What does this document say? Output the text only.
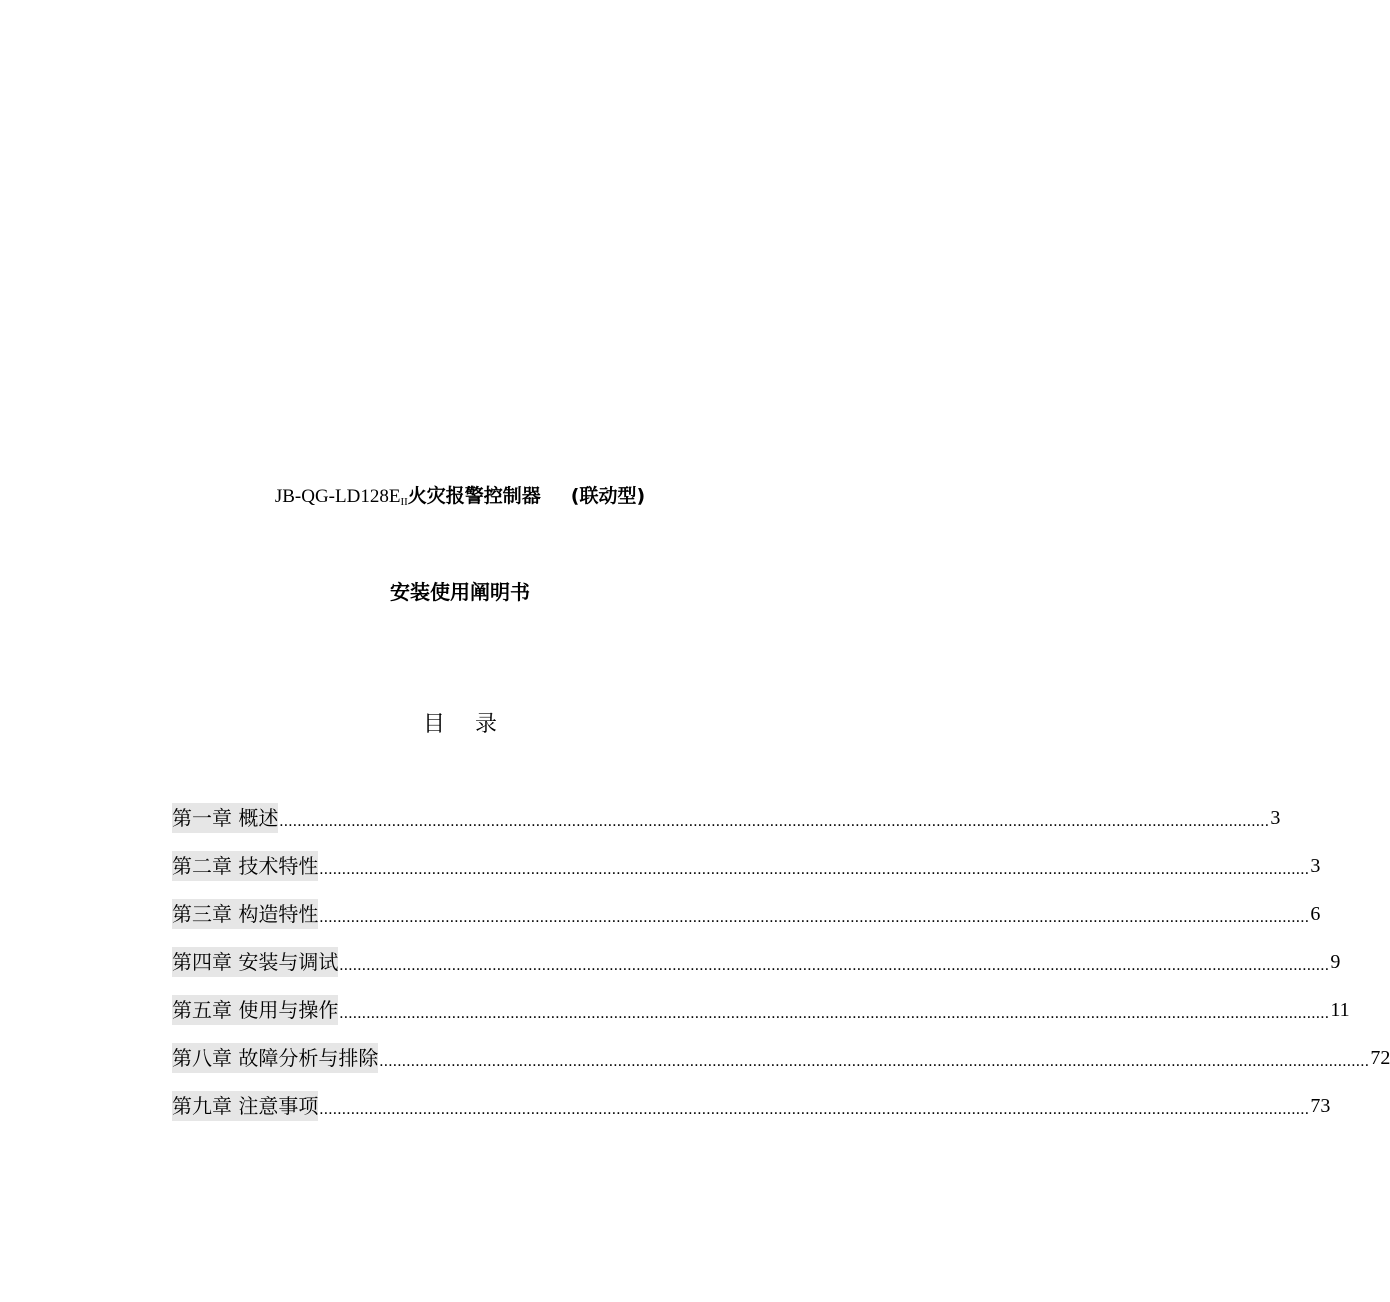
$JB-QG-LD128E_{II}$火灾报警控制器 (联动型)
安装使用阐明书
目录
第一章 概述 ............................................................................................................................................................................................................................ 3
第二章 技术特性 ............................................................................................................................................................................................................................ 3
第三章 构造特性 ............................................................................................................................................................................................................................ 6
第四章 安装与调试 ............................................................................................................................................................................................................................ 9
第五章 使用与操作 ............................................................................................................................................................................................................................ 11
第八章 故障分析与排除 ............................................................................................................................................................................................................................ 72
第九章 注意事项 ............................................................................................................................................................................................................................ 73
